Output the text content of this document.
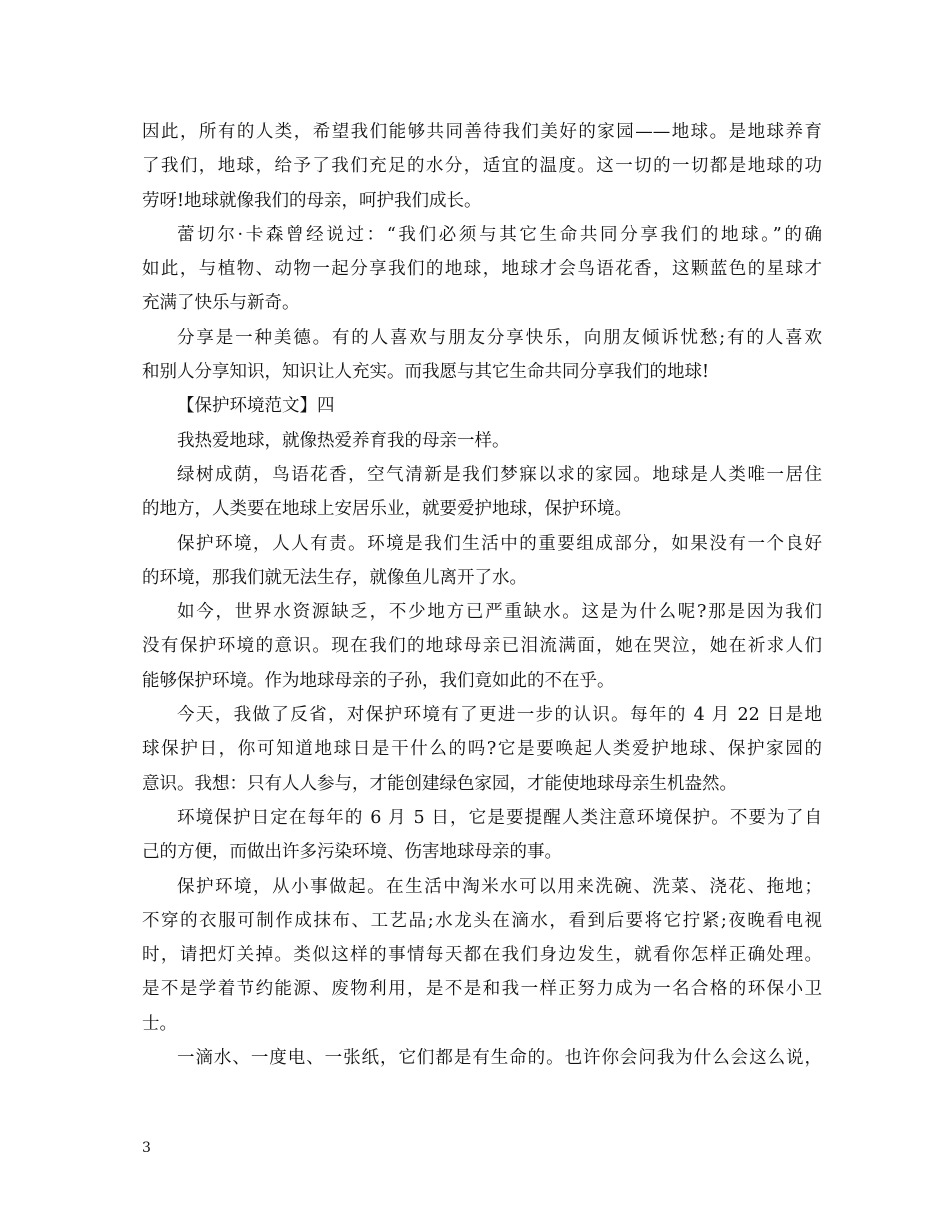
因此，所有的人类，希望我们能够共同善待我们美好的家园——地球。是地球养育
了我们，地球，给予了我们充足的水分，适宜的温度。这一切的一切都是地球的功
劳呀!地球就像我们的母亲，呵护我们成长。
蕾切尔·卡森曾经说过：“我们必须与其它生命共同分享我们的地球。”的确
如此，与植物、动物一起分享我们的地球，地球才会鸟语花香，这颗蓝色的星球才
充满了快乐与新奇。
分享是一种美德。有的人喜欢与朋友分享快乐，向朋友倾诉忧愁;有的人喜欢
和别人分享知识，知识让人充实。而我愿与其它生命共同分享我们的地球!
【保护环境范文】四
我热爱地球，就像热爱养育我的母亲一样。
绿树成荫，鸟语花香，空气清新是我们梦寐以求的家园。地球是人类唯一居住
的地方，人类要在地球上安居乐业，就要爱护地球，保护环境。
保护环境，人人有责。环境是我们生活中的重要组成部分，如果没有一个良好
的环境，那我们就无法生存，就像鱼儿离开了水。
如今，世界水资源缺乏，不少地方已严重缺水。这是为什么呢?那是因为我们
没有保护环境的意识。现在我们的地球母亲已泪流满面，她在哭泣，她在祈求人们
能够保护环境。作为地球母亲的子孙，我们竟如此的不在乎。
今天，我做了反省，对保护环境有了更进一步的认识。每年的 4 月 22 日是地
球保护日，你可知道地球日是干什么的吗?它是要唤起人类爱护地球、保护家园的
意识。我想：只有人人参与，才能创建绿色家园，才能使地球母亲生机盎然。
环境保护日定在每年的 6 月 5 日，它是要提醒人类注意环境保护。不要为了自
己的方便，而做出许多污染环境、伤害地球母亲的事。
保护环境，从小事做起。在生活中淘米水可以用来洗碗、洗菜、浇花、拖地；
不穿的衣服可制作成抹布、工艺品;水龙头在滴水，看到后要将它拧紧;夜晚看电视
时，请把灯关掉。类似这样的事情每天都在我们身边发生，就看你怎样正确处理。
是不是学着节约能源、废物利用，是不是和我一样正努力成为一名合格的环保小卫
士。
一滴水、一度电、一张纸，它们都是有生命的。也许你会问我为什么会这么说，
3
